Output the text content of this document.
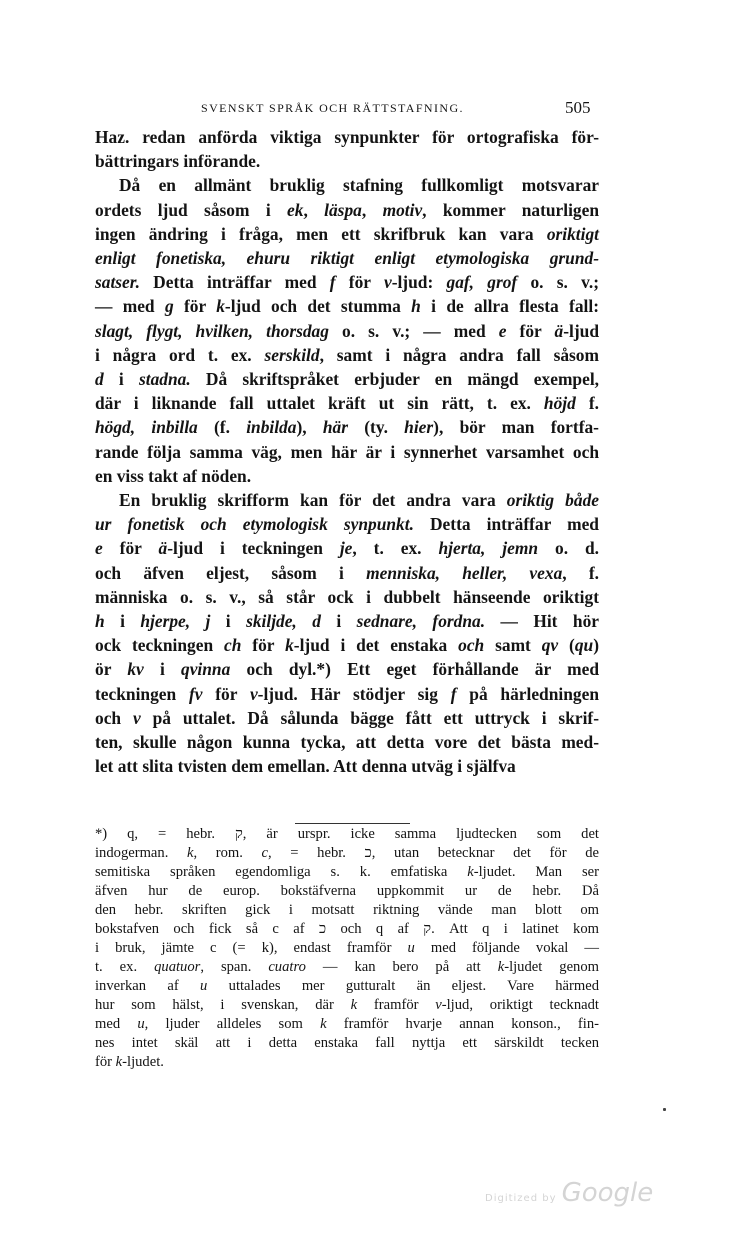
SVENSKT SPRÅK OCH RÄTTSTAFNING.	505
Digitized by Google
Haz. redan anförda viktiga synpunkter för ortografiska för-
bättringars införande.
Då en allmänt bruklig stafning fullkomligt motsvarar
ordets ljud såsom i ek, läspa, motiv, kommer naturligen
ingen ändring i fråga, men ett skrifbruk kan vara oriktigt
enligt fonetiska, ehuru riktigt enligt etymologiska grund-
satser. Detta inträffar med f för v-ljud: gaf, grof o. s. v.;
— med g för k-ljud och det stumma h i de allra flesta fall:
slagt, flygt, hvilken, thorsdag o. s. v.; — med e för ä-ljud
i några ord t. ex. serskild, samt i några andra fall såsom
d i stadna. Då skriftspråket erbjuder en mängd exempel,
där i liknande fall uttalet kräft ut sin rätt, t. ex. höjd f.
högd, inbilla (f. inbilda), här (ty. hier), bör man fortfa-
rande följa samma väg, men här är i synnerhet varsamhet och
en viss takt af nöden.
En bruklig skrifform kan för det andra vara oriktig både
ur fonetisk och etymologisk synpunkt. Detta inträffar med
e för ä-ljud i teckningen je, t. ex. hjerta, jemn o. d.
och äfven eljest, såsom i menniska, heller, vexa, f.
människa o. s. v., så står ock i dubbelt hänseende oriktigt
h i hjerpe, j i skiljde, d i sednare, fordna. — Hit hör
ock teckningen ch för k-ljud i det enstaka och samt qv (qu)
ör kv i qvinna och dyl.*) Ett eget förhållande är med
teckningen fv för v-ljud. Här stödjer sig f på härledningen
och v på uttalet. Då sålunda bägge fått ett uttryck i skrif-
ten, skulle någon kunna tycka, att detta vore det bästa med-
let att slita tvisten dem emellan. Att denna utväg i själfva
*) q, = hebr. ק, är urspr. icke samma ljudtecken som det
indogerman. k, rom. c, = hebr. כ, utan betecknar det för de
semitiska språken egendomliga s. k. emfatiska k-ljudet. Man ser
äfven hur de europ. bokstäfverna uppkommit ur de hebr. Då
den hebr. skriften gick i motsatt riktning vände man blott om
bokstafven och fick så c af כ och q af ק. Att q i latinet kom
i bruk, jämte c (= k), endast framför u med följande vokal —
t. ex. quatuor, span. cuatro — kan bero på att k-ljudet genom
inverkan af u uttalades mer gutturalt än eljest. Vare härmed
hur som hälst, i svenskan, där k framför v-ljud, oriktigt tecknadt
med u, ljuder alldeles som k framför hvarje annan konson., fin-
nes intet skäl att i detta enstaka fall nyttja ett särskildt tecken
för k-ljudet.
